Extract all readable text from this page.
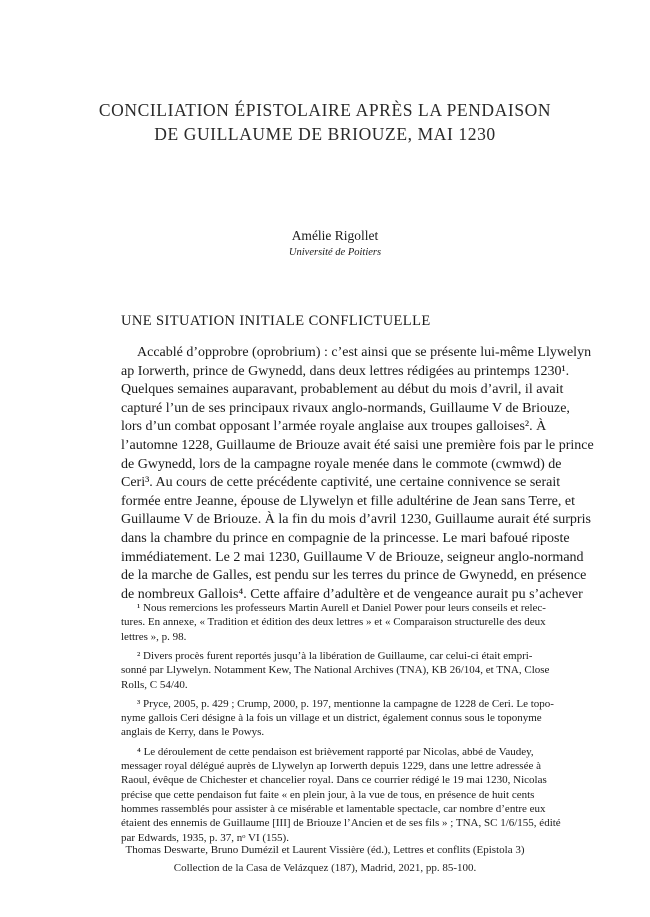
CONCILIATION ÉPISTOLAIRE APRÈS LA PENDAISON
DE GUILLAUME DE BRIOUZE, MAI 1230
Amélie Rigollet
Université de Poitiers
UNE SITUATION INITIALE CONFLICTUELLE
Accablé d’opprobre (oprobrium) : c’est ainsi que se présente lui-même Llywelyn
ap Iorwerth, prince de Gwynedd, dans deux lettres rédigées au printemps 1230¹.
Quelques semaines auparavant, probablement au début du mois d’avril, il avait
capturé l’un de ses principaux rivaux anglo-normands, Guillaume V de Briouze,
lors d’un combat opposant l’armée royale anglaise aux troupes galloises². À
l’automne 1228, Guillaume de Briouze avait été saisi une première fois par le prince
de Gwynedd, lors de la campagne royale menée dans le commote (cwmwd) de
Ceri³. Au cours de cette précédente captivité, une certaine connivence se serait
formée entre Jeanne, épouse de Llywelyn et fille adultérine de Jean sans Terre, et
Guillaume V de Briouze. À la fin du mois d’avril 1230, Guillaume aurait été surpris
dans la chambre du prince en compagnie de la princesse. Le mari bafoué riposte
immédiatement. Le 2 mai 1230, Guillaume V de Briouze, seigneur anglo-normand
de la marche de Galles, est pendu sur les terres du prince de Gwynedd, en présence
de nombreux Gallois⁴. Cette affaire d’adultère et de vengeance aurait pu s’achever
¹ Nous remercions les professeurs Martin Aurell et Daniel Power pour leurs conseils et relec-
tures. En annexe, « Tradition et édition des deux lettres » et « Comparaison structurelle des deux
lettres », p. 98.
² Divers procès furent reportés jusqu’à la libération de Guillaume, car celui-ci était empri-
sonné par Llywelyn. Notamment Kew, The National Archives (TNA), KB 26/104, et TNA, Close
Rolls, C 54/40.
³ Pryce, 2005, p. 429 ; Crump, 2000, p. 197, mentionne la campagne de 1228 de Ceri. Le topo-
nyme gallois Ceri désigne à la fois un village et un district, également connus sous le toponyme
anglais de Kerry, dans le Powys.
⁴ Le déroulement de cette pendaison est brièvement rapporté par Nicolas, abbé de Vaudey,
messager royal délégué auprès de Llywelyn ap Iorwerth depuis 1229, dans une lettre adressée à
Raoul, évêque de Chichester et chancelier royal. Dans ce courrier rédigé le 19 mai 1230, Nicolas
précise que cette pendaison fut faite « en plein jour, à la vue de tous, en présence de huit cents
hommes rassemblés pour assister à ce misérable et lamentable spectacle, car nombre d’entre eux
étaient des ennemis de Guillaume [III] de Briouze l’Ancien et de ses fils » ; TNA, SC 1/6/155, édité
par Edwards, 1935, p. 37, nᵒ VI (155).
Thomas Deswarte, Bruno Dumézil et Laurent Vissière (éd.), Lettres et conflits (Epistola 3)
Collection de la Casa de Velázquez (187), Madrid, 2021, pp. 85-100.
